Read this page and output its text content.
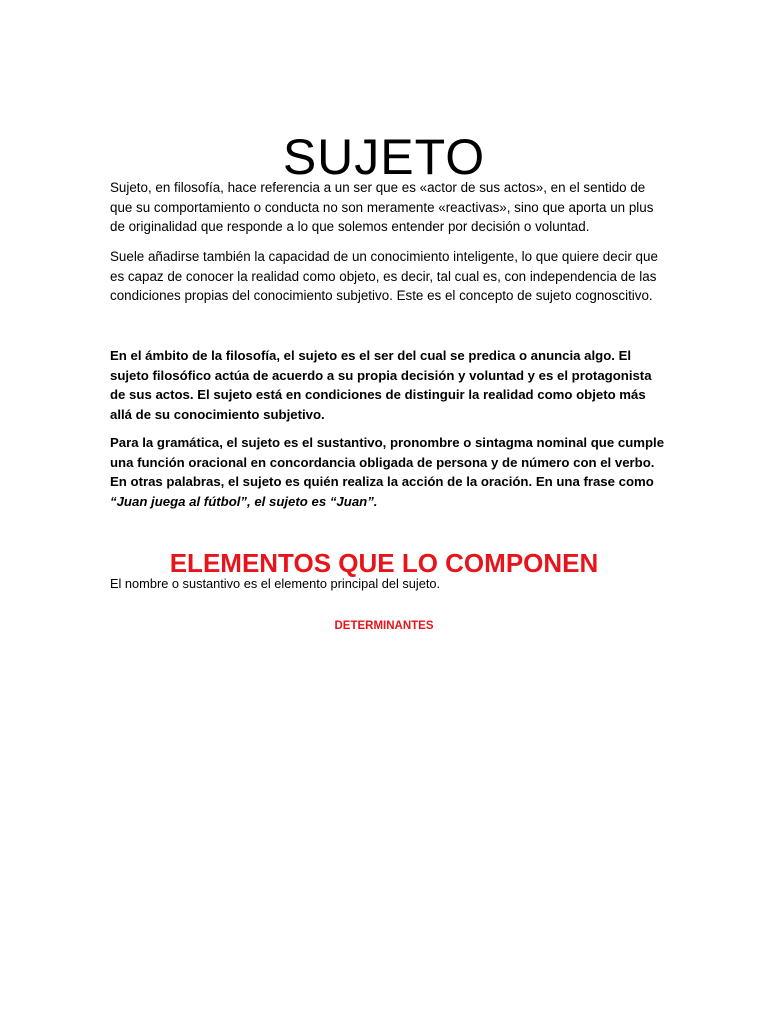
SUJETO

Sujeto, en filosofía, hace referencia a un ser que es «actor de sus actos», en el sentido de que su comportamiento o conducta no son meramente «reactivas», sino que aporta un plus de originalidad que responde a lo que solemos entender por decisión o voluntad.

Suele añadirse también la capacidad de un conocimiento inteligente, lo que quiere decir que es capaz de conocer la realidad como objeto, es decir, tal cual es, con independencia de las condiciones propias del conocimiento subjetivo. Este es el concepto de sujeto cognoscitivo.

En el ámbito de la filosofía, el sujeto es el ser del cual se predica o anuncia algo. El sujeto filosófico actúa de acuerdo a su propia decisión y voluntad y es el protagonista de sus actos. El sujeto está en condiciones de distinguir la realidad como objeto más allá de su conocimiento subjetivo.

Para la gramática, el sujeto es el sustantivo, pronombre o sintagma nominal que cumple una función oracional en concordancia obligada de persona y de número con el verbo. En otras palabras, el sujeto es quién realiza la acción de la oración. En una frase como “Juan juega al fútbol”, el sujeto es “Juan”.

ELEMENTOS QUE LO COMPONEN

El nombre o sustantivo es el elemento principal del sujeto.

DETERMINANTES
